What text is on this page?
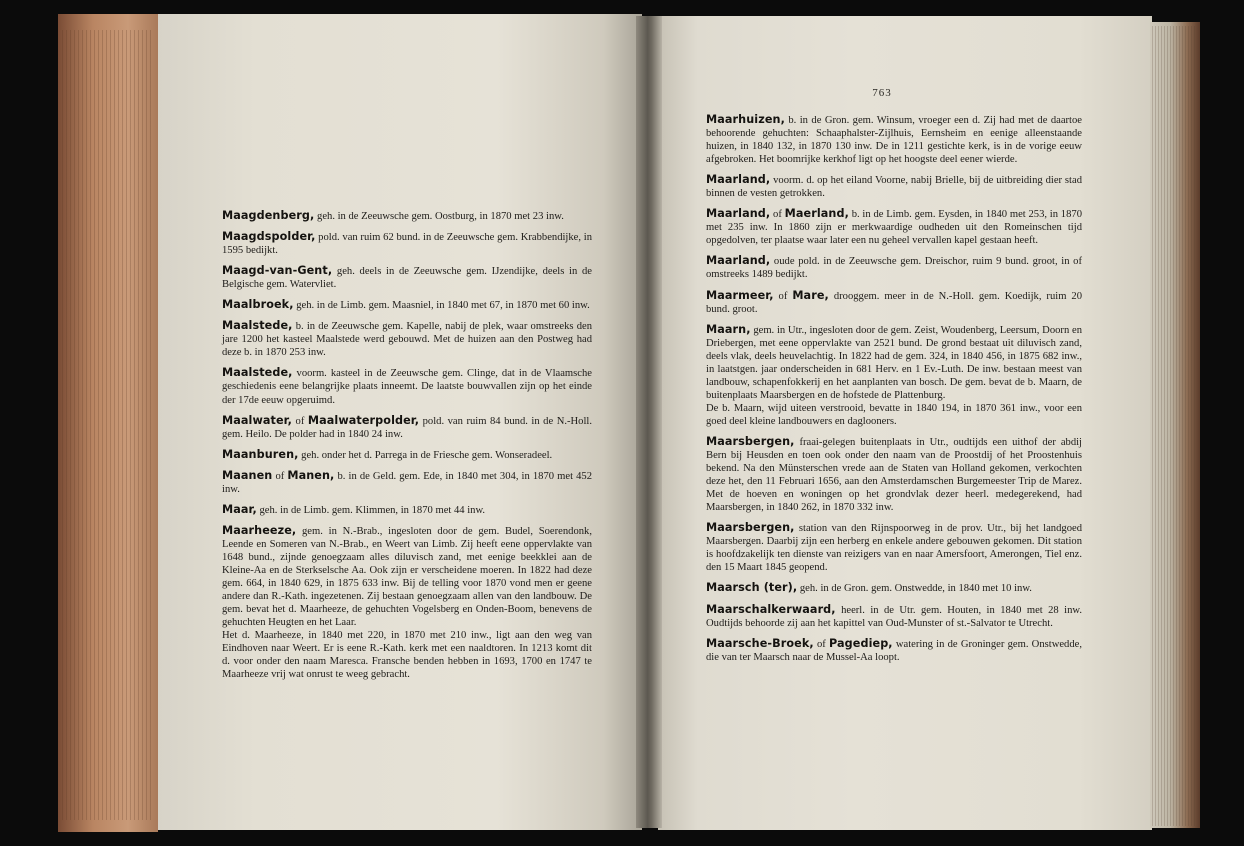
763

Maagdenberg, geh. in de Zeeuwsche gem. Oostburg, in 1870 met 23 inw.

Maagdspolder, pold. van ruim 62 bund. in de Zeeuwsche gem. Krabbendijke, in 1595 bedijkt.

Maagd-van-Gent, geh. deels in de Zeeuwsche gem. IJzendijke, deels in de Belgische gem. Watervliet.

Maalbroek, geh. in de Limb. gem. Maasniel, in 1840 met 67, in 1870 met 60 inw.

Maalstede, b. in de Zeeuwsche gem. Kapelle, nabij de plek, waar omstreeks den jare 1200 het kasteel Maalstede werd gebouwd. Met de huizen aan den Postweg had deze b. in 1870 253 inw.

Maalstede, voorm. kasteel in de Zeeuwsche gem. Clinge, dat in de Vlaamsche geschiedenis eene belangrijke plaats inneemt. De laatste bouwvallen zijn op het einde der 17de eeuw opgeruimd.

Maalwater, of Maalwaterpolder, pold. van ruim 84 bund. in de N.-Holl. gem. Heilo. De polder had in 1840 24 inw.

Maanburen, geh. onder het d. Parrega in de Friesche gem. Wonseradeel.

Maanen of Manen, b. in de Geld. gem. Ede, in 1840 met 304, in 1870 met 452 inw.

Maar, geh. in de Limb. gem. Klimmen, in 1870 met 44 inw.

Maarheeze, gem. in N.-Brab., ingesloten door de gem. Budel, Soerendonk, Leende en Someren van N.-Brab., en Weert van Limb. Zij heeft eene oppervlakte van 1648 bund., zijnde genoegzaam alles diluvisch zand, met eenige beekklei aan de Kleine-Aa en de Sterkselsche Aa. Ook zijn er verscheidene moeren. In 1822 had deze gem. 664, in 1840 629, in 1875 633 inw. Bij de telling voor 1870 vond men er geene andere dan R.-Kath. ingezetenen. Zij bestaan genoegzaam allen van den landbouw. De gem. bevat het d. Maarheeze, de gehuchten Vogelsberg en Onden-Boom, benevens de gehuchten Heugten en het Laar.

Het d. Maarheeze, in 1840 met 220, in 1870 met 210 inw., ligt aan den weg van Eindhoven naar Weert. Er is eene R.-Kath. kerk met een naaldtoren. In 1213 komt dit d. voor onder den naam Maresca. Fransche benden hebben in 1693, 1700 en 1747 te Maarheeze vrij wat onrust te weeg gebracht.

Maarhuizen, b. in de Gron. gem. Winsum, vroeger een d. Zij had met de daartoe behoorende gehuchten: Schaaphalster-Zijlhuis, Eernsheim en eenige alleenstaande huizen, in 1840 132, in 1870 130 inw. De in 1211 gestichte kerk, is in de vorige eeuw afgebroken. Het boomrijke kerkhof ligt op het hoogste deel eener wierde.

Maarland, voorm. d. op het eiland Voorne, nabij Brielle, bij de uitbreiding dier stad binnen de vesten getrokken.

Maarland, of Maerland, b. in de Limb. gem. Eysden, in 1840 met 253, in 1870 met 235 inw. In 1860 zijn er merkwaardige oudheden uit den Romeinschen tijd opgedolven, ter plaatse waar later een nu geheel vervallen kapel gestaan heeft.

Maarland, oude pold. in de Zeeuwsche gem. Dreischor, ruim 9 bund. groot, in of omstreeks 1489 bedijkt.

Maarmeer, of Mare, drooggem. meer in de N.-Holl. gem. Koedijk, ruim 20 bund. groot.

Maarn, gem. in Utr., ingesloten door de gem. Zeist, Woudenberg, Leersum, Doorn en Driebergen, met eene oppervlakte van 2521 bund. De grond bestaat uit diluvisch zand, deels vlak, deels heuvelachtig. In 1822 had de gem. 324, in 1840 456, in 1875 682 inw., in laatstgen. jaar onderscheiden in 681 Herv. en 1 Ev.-Luth. De inw. bestaan meest van landbouw, schapenfokkerij en het aanplanten van bosch. De gem. bevat de b. Maarn, de buitenplaats Maarsbergen en de hofstede de Plattenburg.

De b. Maarn, wijd uiteen verstrooid, bevatte in 1840 194, in 1870 361 inw., voor een goed deel kleine landbouwers en daglooners.

Maarsbergen, fraai-gelegen buitenplaats in Utr., oudtijds een uithof der abdij Bern bij Heusden en toen ook onder den naam van de Proostdij of het Proostenhuis bekend. Na den Münsterschen vrede aan de Staten van Holland gekomen, verkochten deze het, den 11 Februari 1656, aan den Amsterdamschen Burgemeester Trip de Marez. Met de hoeven en woningen op het grondvlak dezer heerl. medegerekend, had Maarsbergen, in 1840 262, in 1870 332 inw.

Maarsbergen, station van den Rijnspoorweg in de prov. Utr., bij het landgoed Maarsbergen. Daarbij zijn een herberg en enkele andere gebouwen gekomen. Dit station is hoofdzakelijk ten dienste van reizigers van en naar Amersfoort, Amerongen, Tiel enz. den 15 Maart 1845 geopend.

Maarsch (ter), geh. in de Gron. gem. Onstwedde, in 1840 met 10 inw.

Maarschalkerwaard, heerl. in de Utr. gem. Houten, in 1840 met 28 inw. Oudtijds behoorde zij aan het kapittel van Oud-Munster of st.-Salvator te Utrecht.

Maarsche-Broek, of Pagediep, watering in de Groninger gem. Onstwedde, die van ter Maarsch naar de Mussel-Aa loopt.
